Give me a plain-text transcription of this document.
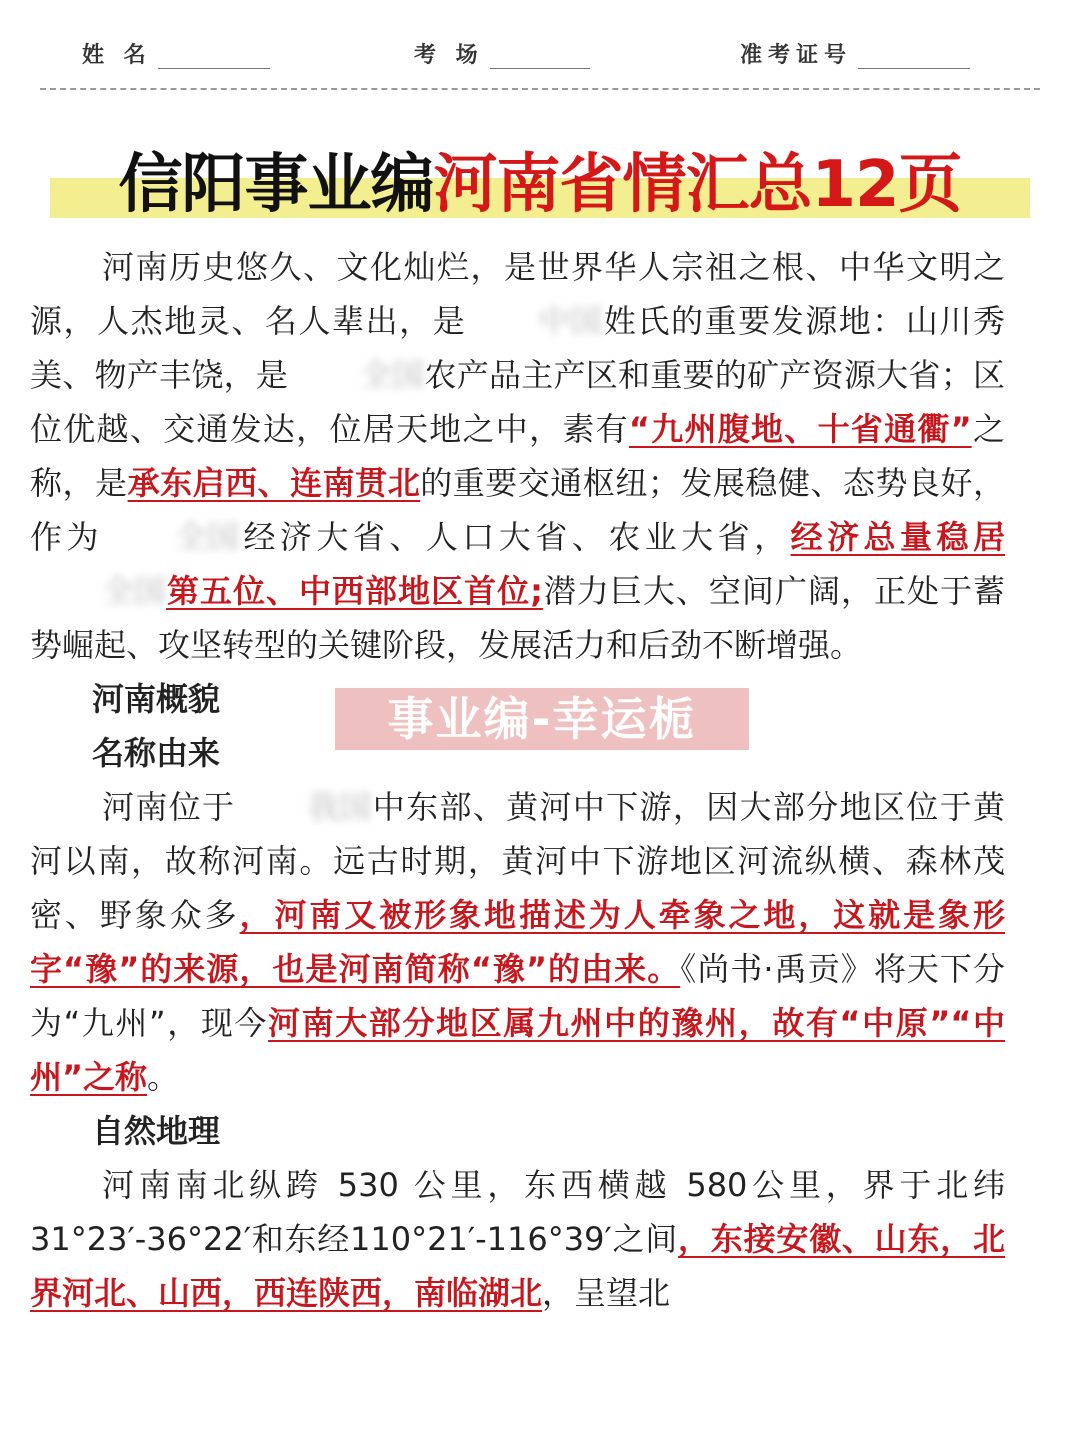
姓 名	考 场	准考证号
信阳事业编河南省情汇总12页
事业编-幸运栀

河南历史悠久、文化灿烂，是世界华人宗祖之根、中华文明之源，人杰地灵、名人辈出，是 中国姓氏的重要发源地：山川秀美、物产丰饶，是 全国农产品主产区和重要的矿产资源大省；区位优越、交通发达，位居天地之中，素有“九州腹地、十省通衢”之称，是承东启西、连南贯北的重要交通枢纽；发展稳健、态势良好，作为 全国经济大省、人口大省、农业大省，经济总量稳居全国第五位、中西部地区首位;潜力巨大、空间广阔，正处于蓄势崛起、攻坚转型的关键阶段，发展活力和后劲不断增强。

河南概貌

名称由来

河南位于 我国中东部、黄河中下游，因大部分地区位于黄河以南，故称河南。远古时期，黄河中下游地区河流纵横、森林茂密、野象众多，河南又被形象地描述为人牵象之地，这就是象形字“豫”的来源，也是河南简称“豫”的由来。《尚书·禹贡》将天下分为“九州”，现今河南大部分地区属九州中的豫州，故有“中原”“中州”之称。

自然地理

河南南北纵跨 530 公里，东西横越 580公里，界于北纬31°23′-36°22′和东经110°21′-116°39′之间，东接安徽、山东，北界河北、山西，西连陕西，南临湖北，呈望北
